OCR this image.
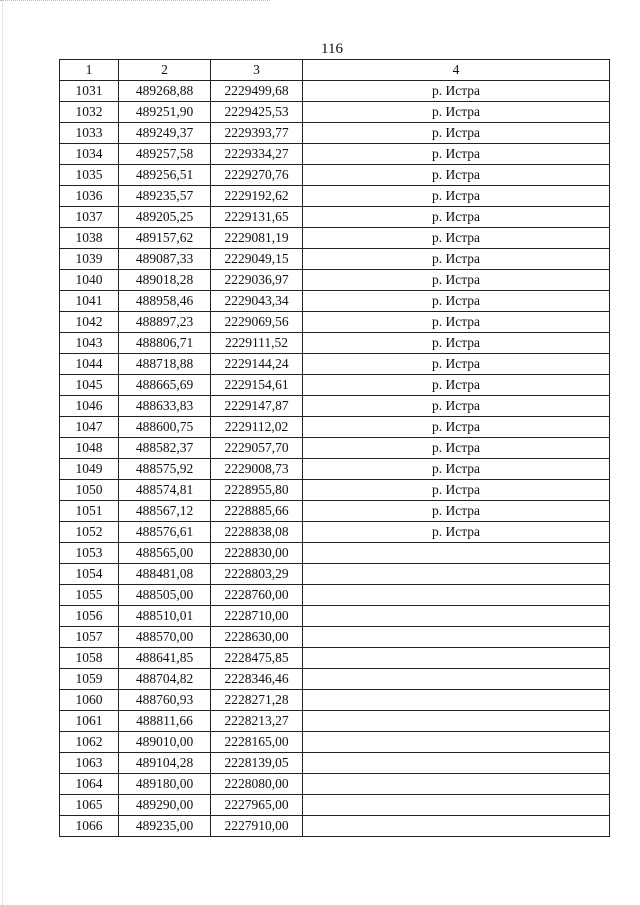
116
1	2	3	4
1031	489268,88	2229499,68	р. Истра
1032	489251,90	2229425,53	р. Истра
1033	489249,37	2229393,77	р. Истра
1034	489257,58	2229334,27	р. Истра
1035	489256,51	2229270,76	р. Истра
1036	489235,57	2229192,62	р. Истра
1037	489205,25	2229131,65	р. Истра
1038	489157,62	2229081,19	р. Истра
1039	489087,33	2229049,15	р. Истра
1040	489018,28	2229036,97	р. Истра
1041	488958,46	2229043,34	р. Истра
1042	488897,23	2229069,56	р. Истра
1043	488806,71	2229111,52	р. Истра
1044	488718,88	2229144,24	р. Истра
1045	488665,69	2229154,61	р. Истра
1046	488633,83	2229147,87	р. Истра
1047	488600,75	2229112,02	р. Истра
1048	488582,37	2229057,70	р. Истра
1049	488575,92	2229008,73	р. Истра
1050	488574,81	2228955,80	р. Истра
1051	488567,12	2228885,66	р. Истра
1052	488576,61	2228838,08	р. Истра
1053	488565,00	2228830,00	
1054	488481,08	2228803,29	
1055	488505,00	2228760,00	
1056	488510,01	2228710,00	
1057	488570,00	2228630,00	
1058	488641,85	2228475,85	
1059	488704,82	2228346,46	
1060	488760,93	2228271,28	
1061	488811,66	2228213,27	
1062	489010,00	2228165,00	
1063	489104,28	2228139,05	
1064	489180,00	2228080,00	
1065	489290,00	2227965,00	
1066	489235,00	2227910,00	
